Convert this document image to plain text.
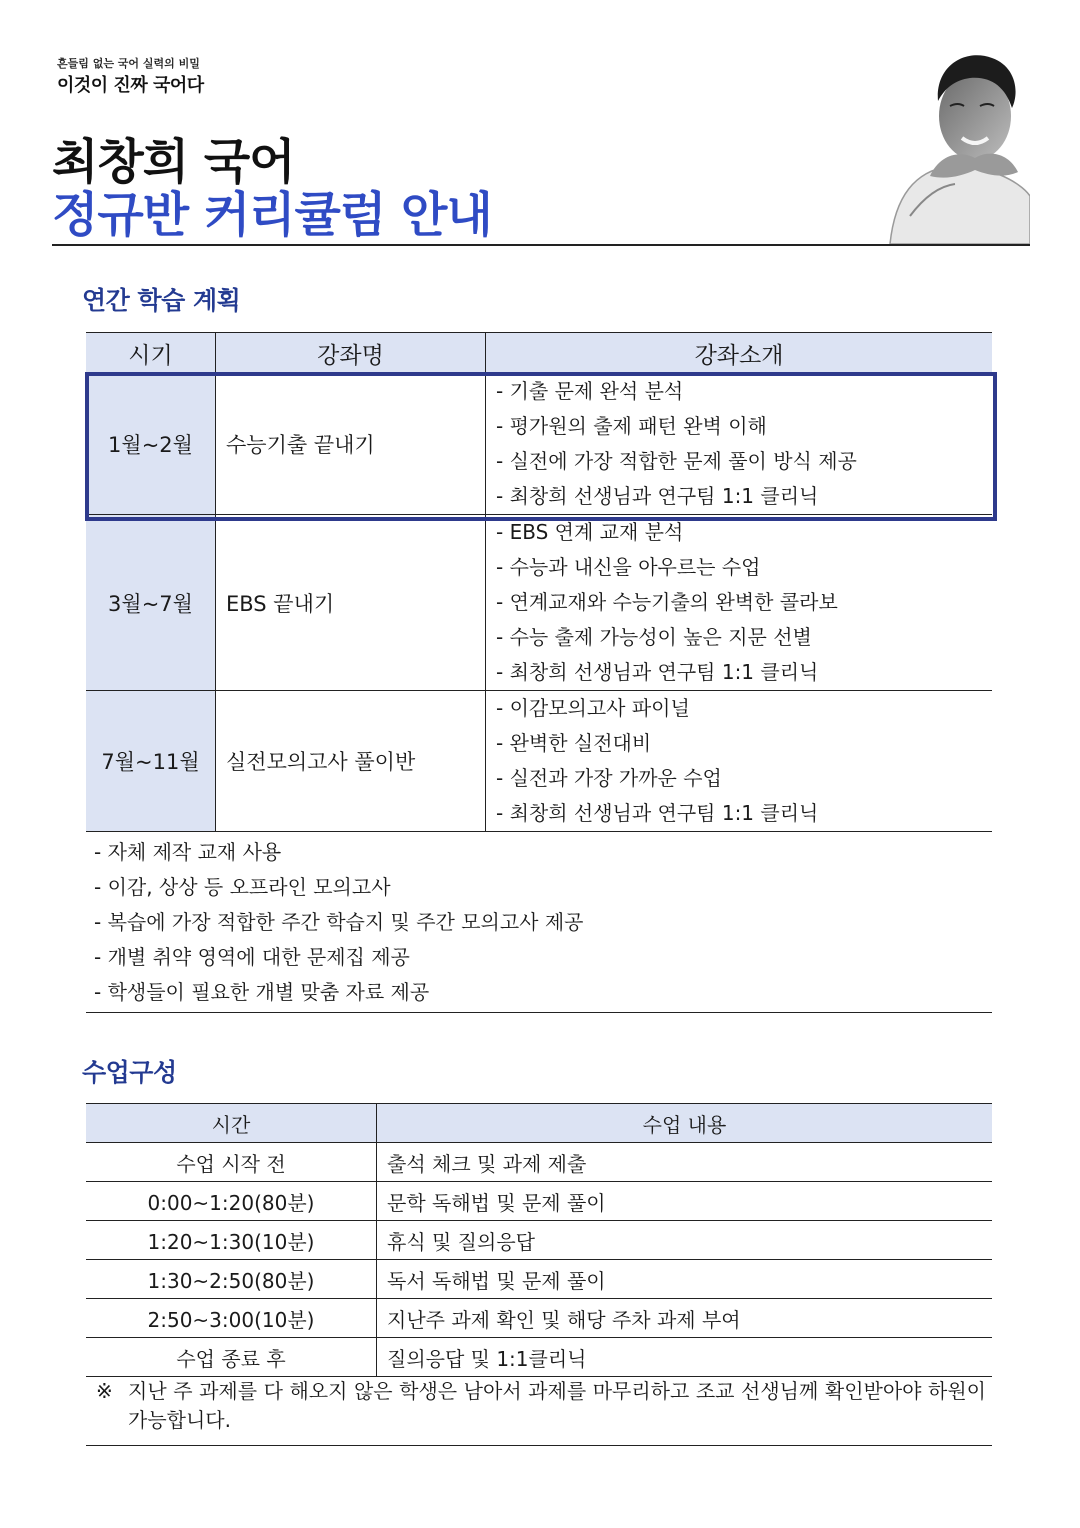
흔들림 없는 국어 실력의 비밀
이것이 진짜 국어다
최창희 국어
정규반 커리큘럼 안내
연간 학습 계획
시기	강좌명	강좌소개
1월~2월	수능기출 끝내기	- 기출 문제 완석 분석
- 평가원의 출제 패턴 완벽 이해
- 실전에 가장 적합한 문제 풀이 방식 제공
- 최창희 선생님과 연구팀 1:1 클리닉

3월~7월	EBS 끝내기	- EBS 연계 교재 분석
- 수능과 내신을 아우르는 수업
- 연계교재와 수능기출의 완벽한 콜라보
- 수능 출제 가능성이 높은 지문 선별
- 최창희 선생님과 연구팀 1:1 클리닉

7월~11월	실전모의고사 풀이반	- 이감모의고사 파이널
- 완벽한 실전대비
- 실전과 가장 가까운 수업
- 최창희 선생님과 연구팀 1:1 클리닉
- 자체 제작 교재 사용
- 이감, 상상 등 오프라인 모의고사
- 복습에 가장 적합한 주간 학습지 및 주간 모의고사 제공
- 개별 취약 영역에 대한 문제집 제공
- 학생들이 필요한 개별 맞춤 자료 제공
수업구성
시간	수업 내용
수업 시작 전	출석 체크 및 과제 제출
0:00~1:20(80분)	문학 독해법 및 문제 풀이
1:20~1:30(10분)	휴식 및 질의응답
1:30~2:50(80분)	독서 독해법 및 문제 풀이
2:50~3:00(10분)	지난주 과제 확인 및 해당 주차 과제 부여
수업 종료 후	질의응답 및 1:1클리닉
※ 지난 주 과제를 다 해오지 않은 학생은 남아서 과제를 마무리하고 조교 선생님께 확인받아야 하원이 가능합니다.
